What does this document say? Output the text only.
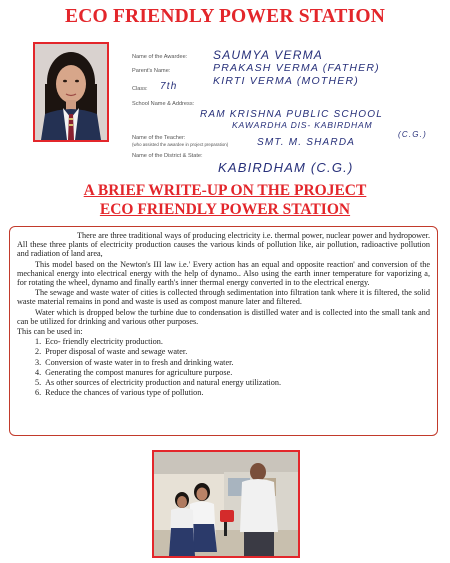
ECO FRIENDLY POWER STATION
Name of the Awardee: SAUMYA VERMA
Parent's Name:	PRAKASH VERMA (FATHER)
KIRTI VERMA (MOTHER)
Class: 7th
School Name & Address:
RAM KRISHNA PUBLIC SCHOOL
KAWARDHA DIS- KABIRDHAM
(C.G.)
Name of the Teacher:
(who assisted the awardee in project preparation)	SMT. M. SHARDA
Name of the District & State:
KABIRDHAM (C.G.)
A BRIEF WRITE-UP ON THE PROJECT
ECO FRIENDLY POWER STATION

There are three traditional ways of producing electricity i.e. thermal power, nuclear power and hydropower. All these three plants of electricity production causes the various kinds of pollution like, air pollution, radioactive pollution and radiation of land area,

This model based on the Newton's III law i.e.' Every action has an equal and opposite reaction' and conversion of the mechanical energy into electrical energy with the help of dynamo.. Also using the earth inner temperature for vaporizing a, for rotating the wheel, dynamo and finally earth's inner thermal energy converted in to the electrical energy.

The sewage and waste water of cities is collected through sedimentation into filtration tank where it is filtered, the solid waste material remains in pond and waste is used as compost manure later and filtered.

Water which is dropped below the turbine due to condensation is distilled water and is collected into the small tank and can be utilized for drinking and various other purposes.

This can be used in:

1. Eco- friendly electricity production.
2. Proper disposal of waste and sewage water.
3. Conversion of waste water in to fresh and drinking water.
4. Generating the compost manures for agriculture purpose.
5. As other sources of electricity production and natural energy utilization.
6. Reduce the chances of various type of pollution.
